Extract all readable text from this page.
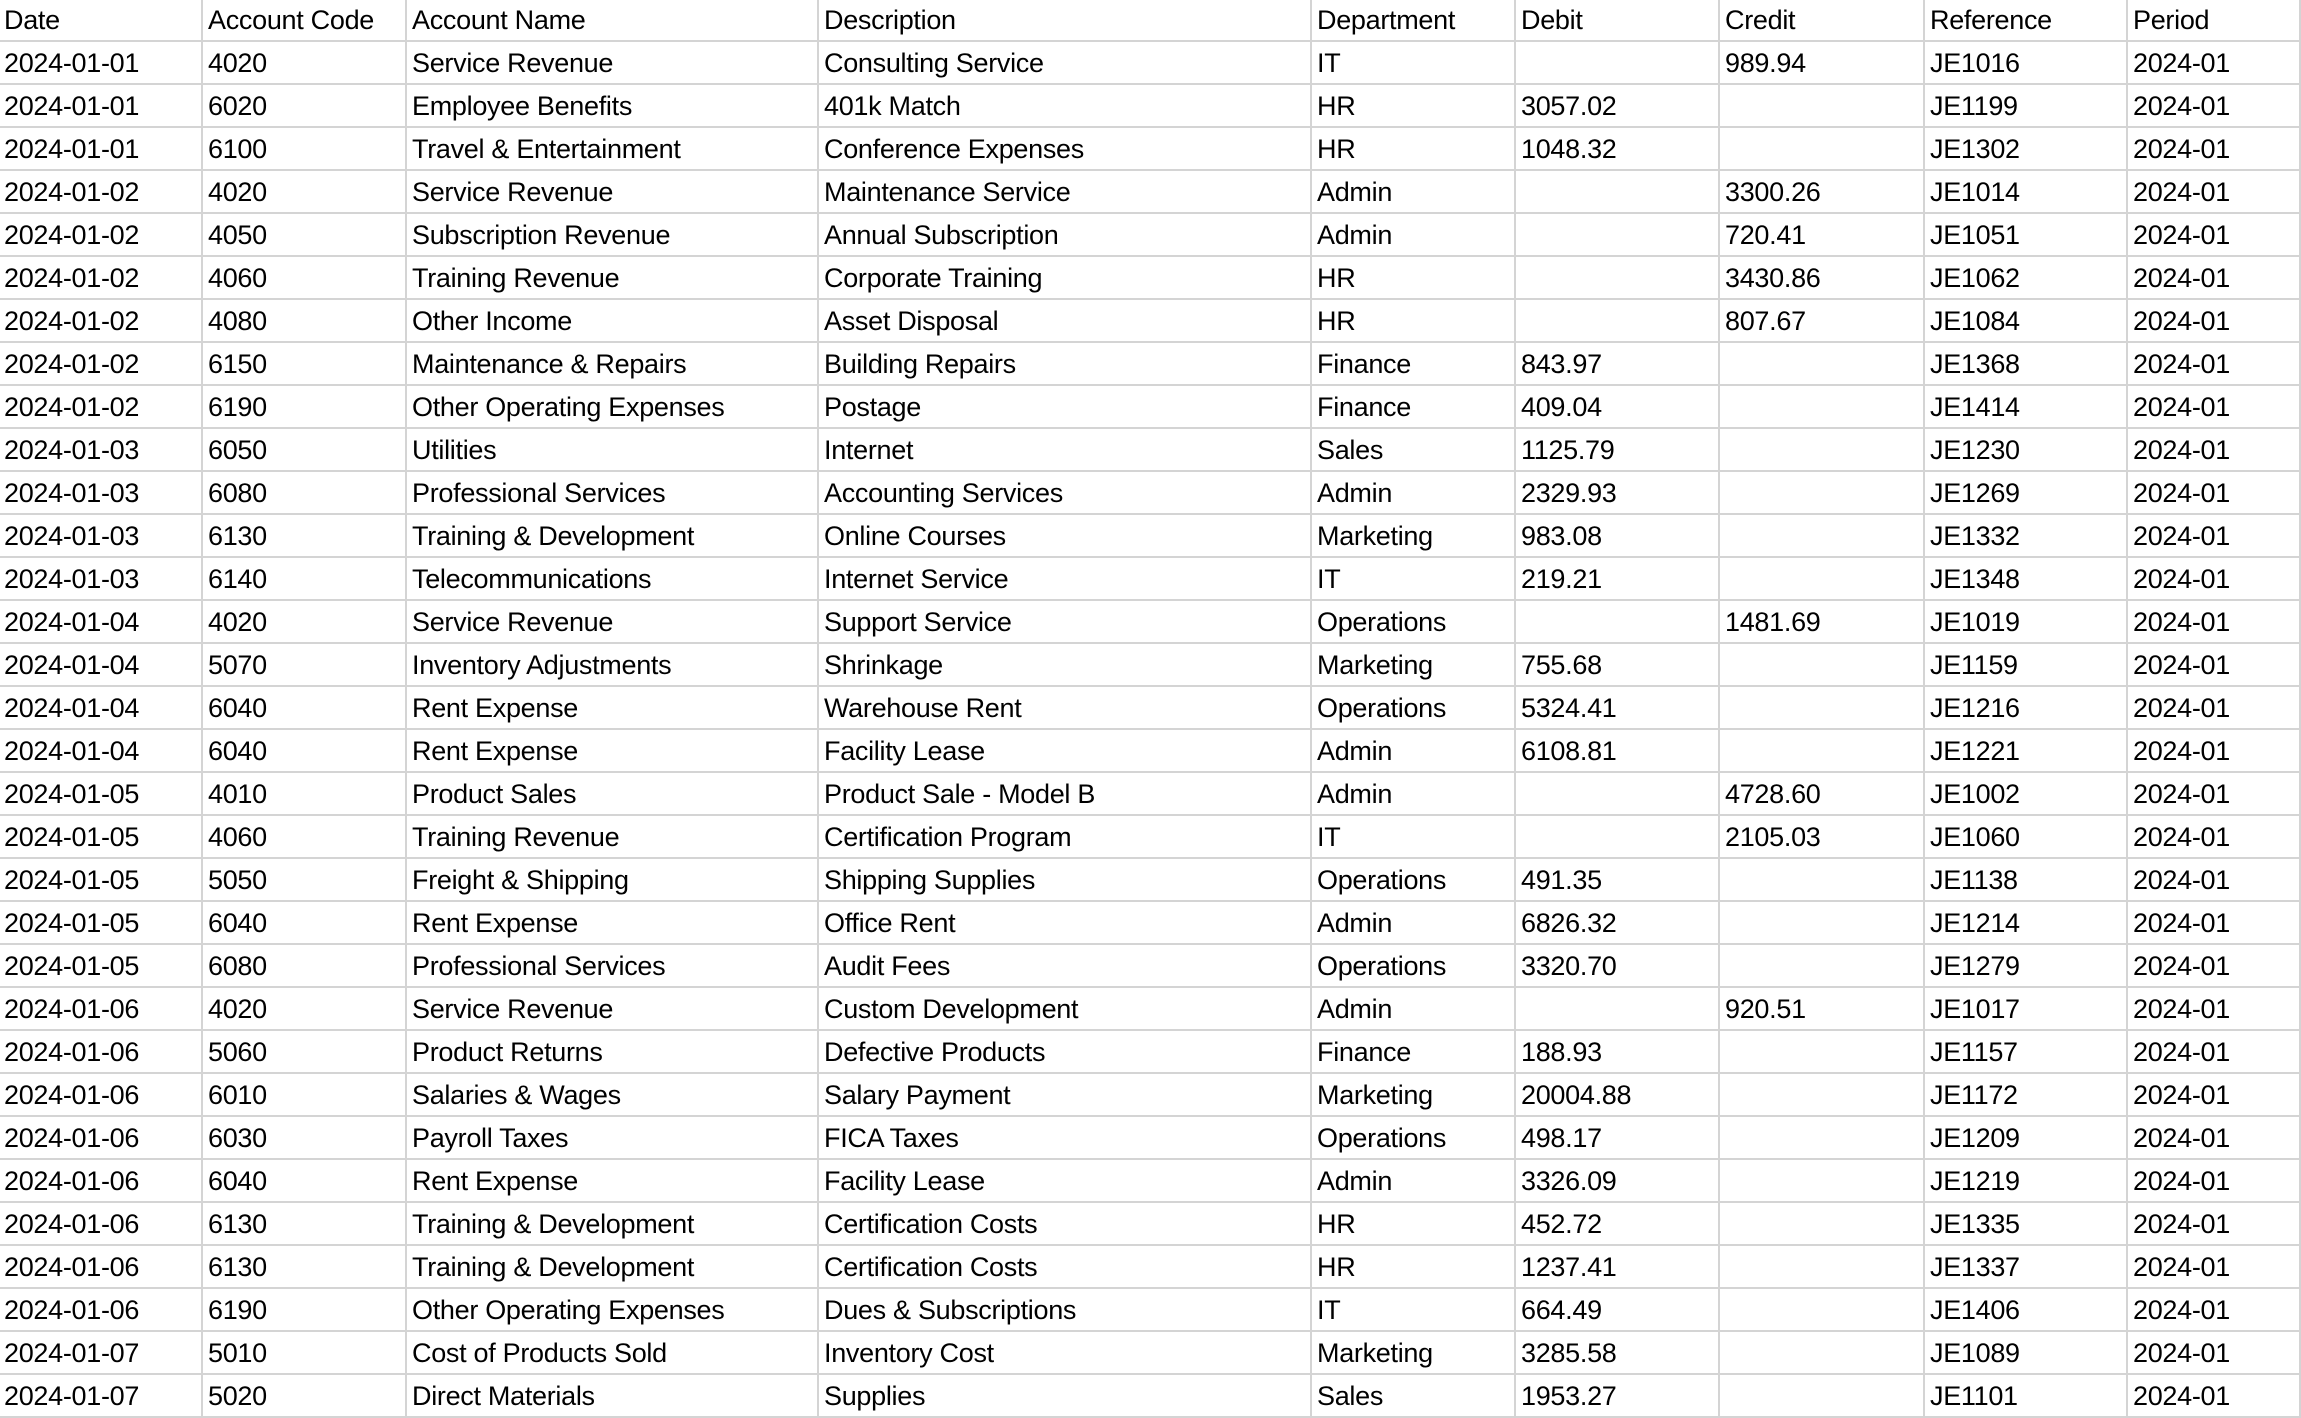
Date	Account Code	Account Name	Description	Department	Debit	Credit	Reference	Period
2024-01-01	4020	Service Revenue	Consulting Service	IT		989.94	JE1016	2024-01
2024-01-01	6020	Employee Benefits	401k Match	HR	3057.02		JE1199	2024-01
2024-01-01	6100	Travel & Entertainment	Conference Expenses	HR	1048.32		JE1302	2024-01
2024-01-02	4020	Service Revenue	Maintenance Service	Admin		3300.26	JE1014	2024-01
2024-01-02	4050	Subscription Revenue	Annual Subscription	Admin		720.41	JE1051	2024-01
2024-01-02	4060	Training Revenue	Corporate Training	HR		3430.86	JE1062	2024-01
2024-01-02	4080	Other Income	Asset Disposal	HR		807.67	JE1084	2024-01
2024-01-02	6150	Maintenance & Repairs	Building Repairs	Finance	843.97		JE1368	2024-01
2024-01-02	6190	Other Operating Expenses	Postage	Finance	409.04		JE1414	2024-01
2024-01-03	6050	Utilities	Internet	Sales	1125.79		JE1230	2024-01
2024-01-03	6080	Professional Services	Accounting Services	Admin	2329.93		JE1269	2024-01
2024-01-03	6130	Training & Development	Online Courses	Marketing	983.08		JE1332	2024-01
2024-01-03	6140	Telecommunications	Internet Service	IT	219.21		JE1348	2024-01
2024-01-04	4020	Service Revenue	Support Service	Operations		1481.69	JE1019	2024-01
2024-01-04	5070	Inventory Adjustments	Shrinkage	Marketing	755.68		JE1159	2024-01
2024-01-04	6040	Rent Expense	Warehouse Rent	Operations	5324.41		JE1216	2024-01
2024-01-04	6040	Rent Expense	Facility Lease	Admin	6108.81		JE1221	2024-01
2024-01-05	4010	Product Sales	Product Sale - Model B	Admin		4728.60	JE1002	2024-01
2024-01-05	4060	Training Revenue	Certification Program	IT		2105.03	JE1060	2024-01
2024-01-05	5050	Freight & Shipping	Shipping Supplies	Operations	491.35		JE1138	2024-01
2024-01-05	6040	Rent Expense	Office Rent	Admin	6826.32		JE1214	2024-01
2024-01-05	6080	Professional Services	Audit Fees	Operations	3320.70		JE1279	2024-01
2024-01-06	4020	Service Revenue	Custom Development	Admin		920.51	JE1017	2024-01
2024-01-06	5060	Product Returns	Defective Products	Finance	188.93		JE1157	2024-01
2024-01-06	6010	Salaries & Wages	Salary Payment	Marketing	20004.88		JE1172	2024-01
2024-01-06	6030	Payroll Taxes	FICA Taxes	Operations	498.17		JE1209	2024-01
2024-01-06	6040	Rent Expense	Facility Lease	Admin	3326.09		JE1219	2024-01
2024-01-06	6130	Training & Development	Certification Costs	HR	452.72		JE1335	2024-01
2024-01-06	6130	Training & Development	Certification Costs	HR	1237.41		JE1337	2024-01
2024-01-06	6190	Other Operating Expenses	Dues & Subscriptions	IT	664.49		JE1406	2024-01
2024-01-07	5010	Cost of Products Sold	Inventory Cost	Marketing	3285.58		JE1089	2024-01
2024-01-07	5020	Direct Materials	Supplies	Sales	1953.27		JE1101	2024-01
